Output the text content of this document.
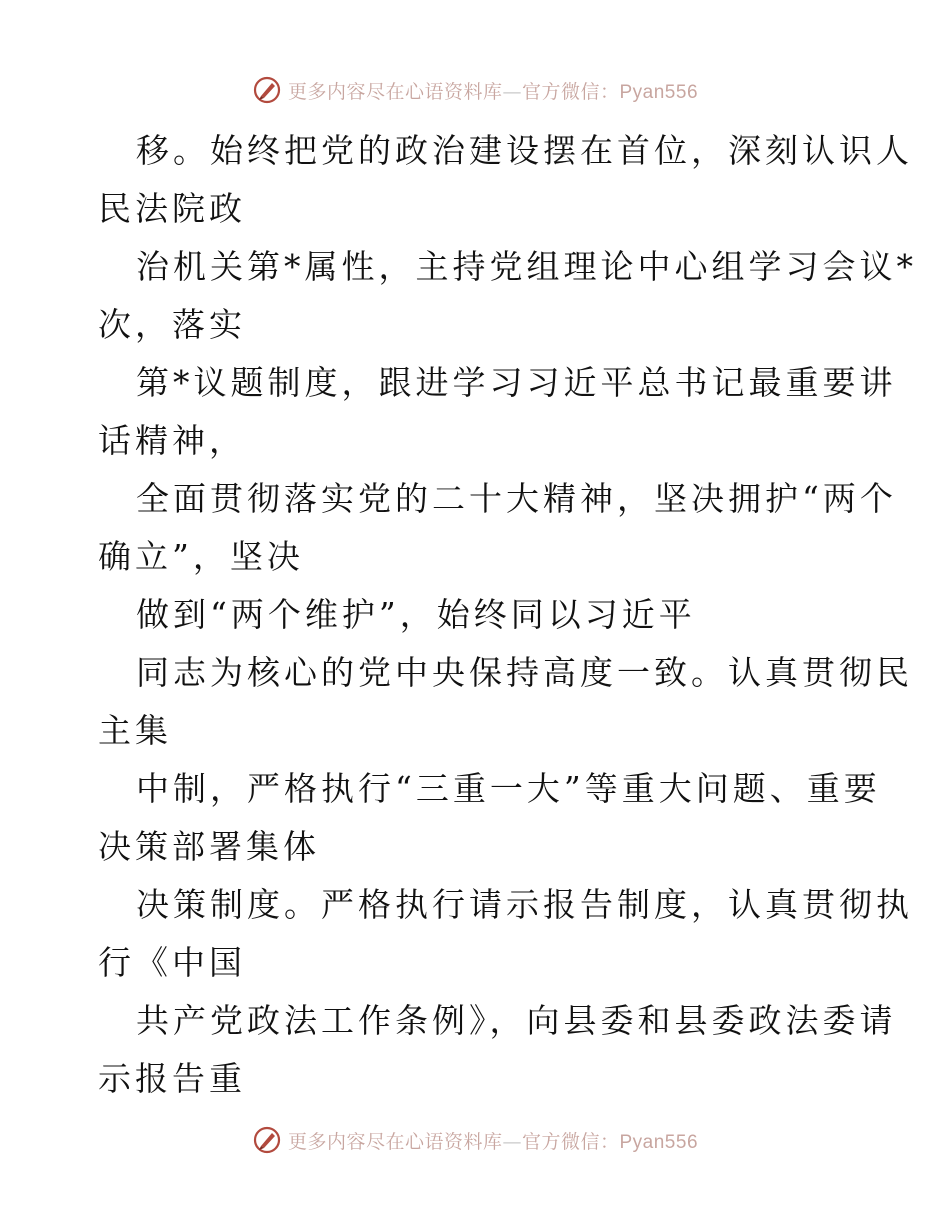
更多内容尽在心语资料库—官方微信：Pyan556
移。始终把党的政治建设摆在首位，深刻认识人
民法院政
治机关第*属性，主持党组理论中心组学习会议*
次，落实
第*议题制度，跟进学习习近平总书记最重要讲
话精神，
全面贯彻落实党的二十大精神，坚决拥护“两个
确立”，坚决
做到“两个维护”，始终同以习近平
同志为核心的党中央保持高度一致。认真贯彻民
主集
中制，严格执行“三重一大”等重大问题、重要
决策部署集体
决策制度。严格执行请示报告制度，认真贯彻执
行《中国
共产党政法工作条例》，向县委和县委政法委请
示报告重
更多内容尽在心语资料库—官方微信：Pyan556
